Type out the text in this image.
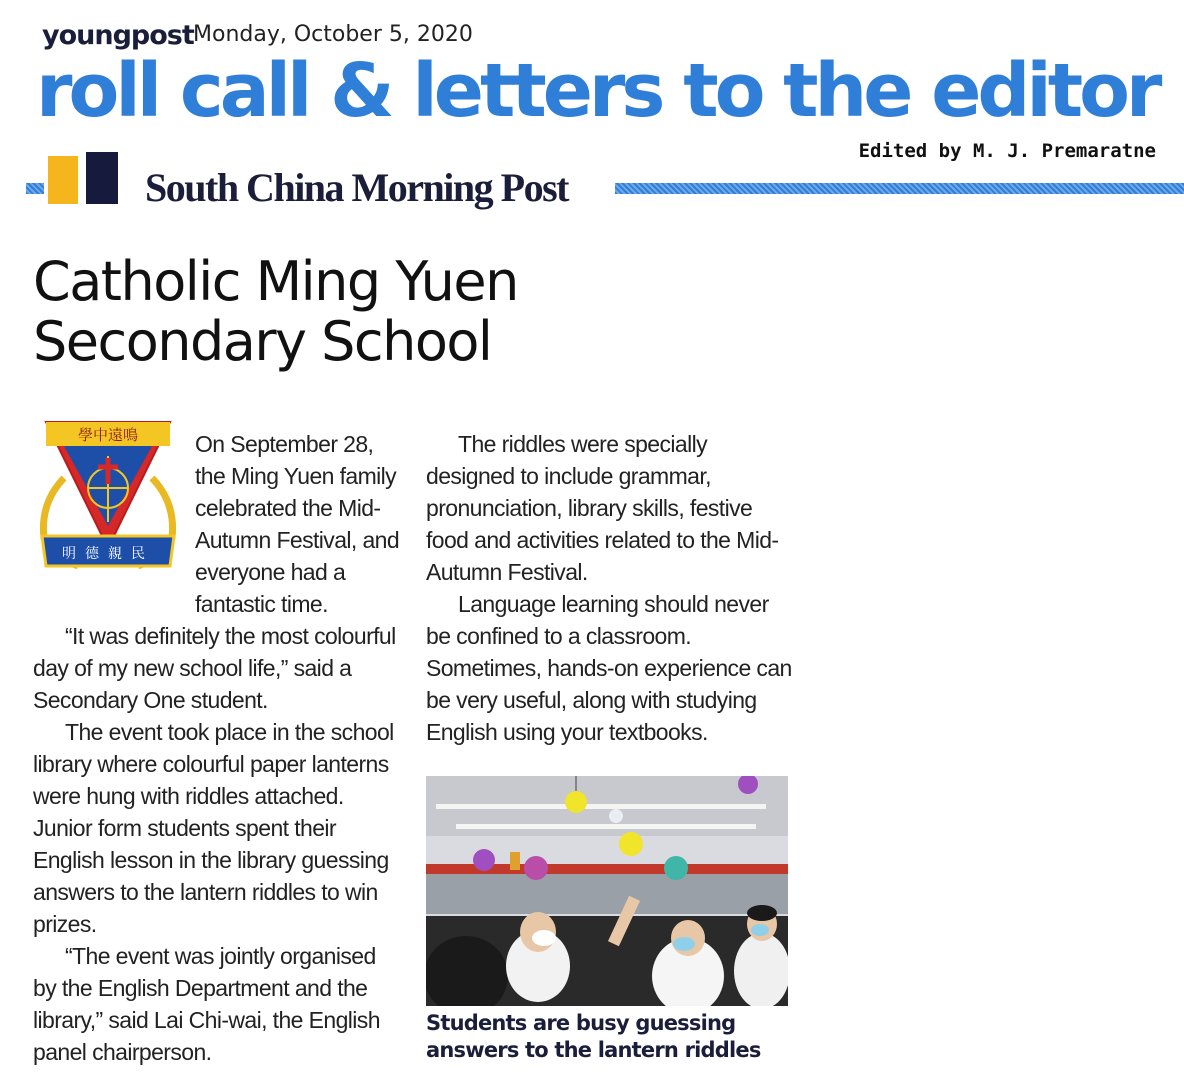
youngpost Monday, October 5, 2020
roll call & letters to the editor
Edited by M. J. Premaratne
South China Morning Post
Catholic Ming Yuen Secondary School
學中遠鳴
明德親民

On September 28, the Ming Yuen family celebrated the Mid-Autumn Festival, and everyone had a fantastic time.

“It was definitely the most colourful day of my new school life,” said a Secondary One student.

The event took place in the school library where colourful paper lanterns were hung with riddles attached. Junior form students spent their English lesson in the library guessing answers to the lantern riddles to win prizes.

“The event was jointly organised by the English Department and the library,” said Lai Chi-wai, the English panel chairperson.

The riddles were specially designed to include grammar, pronunciation, library skills, festive food and activities related to the Mid-Autumn Festival.

Language learning should never be confined to a classroom. Sometimes, hands-on experience can be very useful, along with studying English using your textbooks.

Students are busy guessing answers to the lantern riddles
